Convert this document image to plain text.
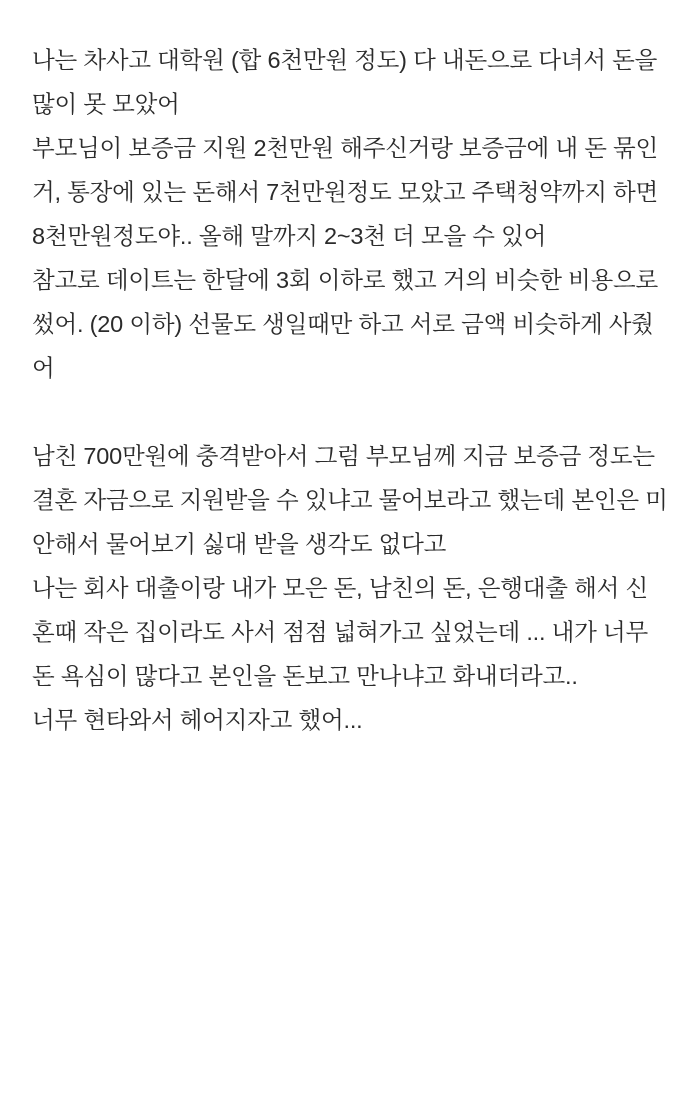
나는 차사고 대학원 (합 6천만원 정도) 다 내돈으로 다녀서 돈을 많이 못 모았어

부모님이 보증금 지원 2천만원 해주신거랑 보증금에 내 돈 묶인 거, 통장에 있는 돈해서 7천만원정도 모았고 주택청약까지 하면 8천만원정도야.. 올해 말까지 2~3천 더 모을 수 있어

참고로 데이트는 한달에 3회 이하로 했고 거의 비슷한 비용으로 썼어. (20 이하) 선물도 생일때만 하고 서로 금액 비슷하게 사줬어

남친 700만원에 충격받아서 그럼 부모님께 지금 보증금 정도는 결혼 자금으로 지원받을 수 있냐고 물어보라고 했는데 본인은 미안해서 물어보기 싫대 받을 생각도 없다고

나는 회사 대출이랑 내가 모은 돈, 남친의 돈, 은행대출 해서 신혼때 작은 집이라도 사서 점점 넓혀가고 싶었는데 ... 내가 너무 돈 욕심이 많다고 본인을 돈보고 만나냐고 화내더라고..

너무 현타와서 헤어지자고 했어...
